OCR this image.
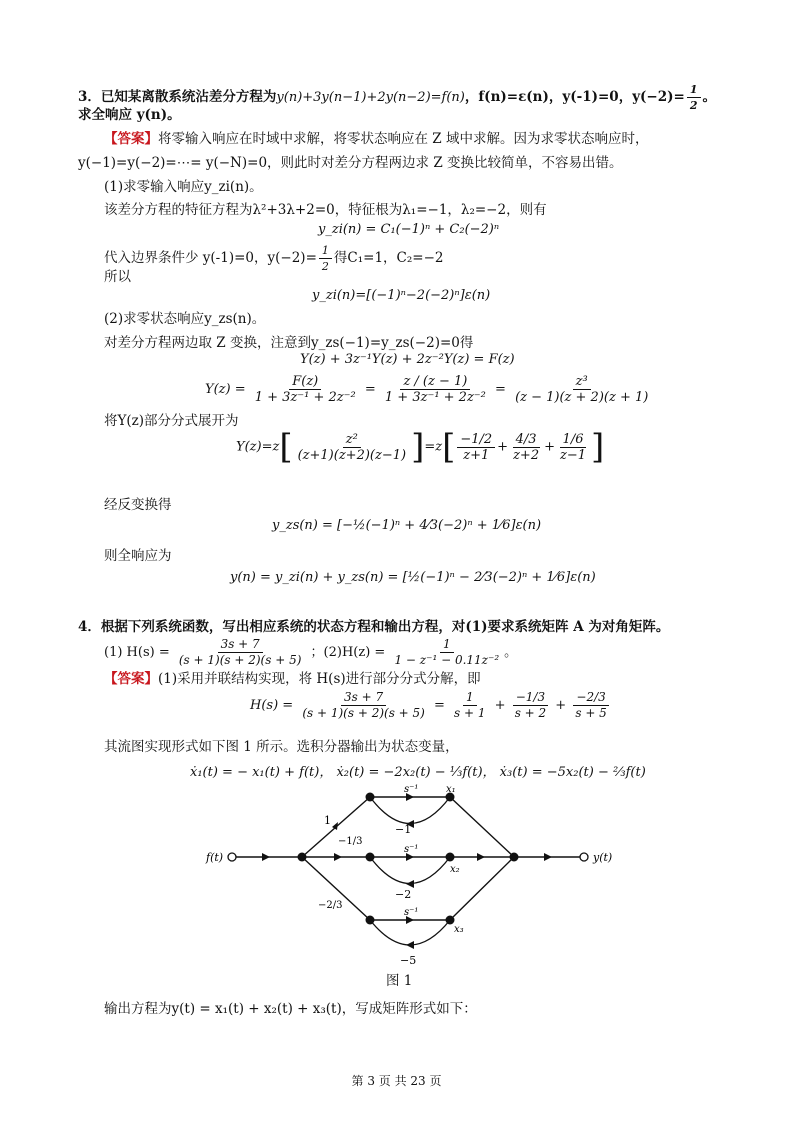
3．已知某离散系统沾差分方程为y(n)+3y(n−1)+2y(n−2)=f(n)，f(n)=ε(n)，y(-1)=0，$y(-2)= \frac{1}{2}$ 。
求全响应 y(n)。
【答案】将零输入响应在时域中求解，将零状态响应在 Z 域中求解。因为求零状态响应时，
y(−1)=y(−2)=⋯= y(−N)=0，则此时对差分方程两边求 Z 变换比较简单，不容易出错。
(1)求零输入响应y_zi(n)。
该差分方程的特征方程为λ²+3λ+2=0，特征根为λ₁=−1，λ₂=−2，则有
y_zi(n) = C₁(−1)ⁿ + C₂(−2)ⁿ
代入边界条件少 y(-1)=0，$y(-2)= \frac{1}{2}$ 得C₁=1，C₂=−2
所以
y_zi(n)=[(−1)ⁿ−2(−2)ⁿ]ε(n)
(2)求零状态响应y_zs(n)。
对差分方程两边取 Z 变换，注意到y_zs(−1)=y_zs(−2)=0得
Y(z) + 3z⁻¹Y(z) + 2z⁻²Y(z) = F(z)
$Y(z) = \frac{F(z)}{\text{1 + 3z⁻¹ + 2z⁻²}} = \frac{z / (z - 1)}{\text{1 + 3z⁻¹ + 2z⁻²}} = \frac{\text{z³}}{(z - 1)(z + 2)(z + 1)}$
将Y(z)部分分式展开为
$Y(z)=z[ \frac{\text{z²}}{(z+1)(z+2)(z-1)} ]=z[ \frac{-1/2}{z+1} + \frac{4/3}{z+2} + \frac{1/6}{z-1}$ ]
经反变换得
y_zs(n) = [−½(−1)ⁿ + 4⁄3(−2)ⁿ + 1⁄6]ε(n)
则全响应为
y(n) = y_zi(n) + y_zs(n) = [½(−1)ⁿ − 2⁄3(−2)ⁿ + 1⁄6]ε(n)
4．根据下列系统函数，写出相应系统的状态方程和输出方程，对(1)要求系统矩阵 A 为对角矩阵。
(1) $H(s) = \frac{3s + 7}{(s + 1)(s + 2)(s + 5)}$ ；$(2)H(z) = \frac{1}{\text{1 − z⁻¹ − 0.11z⁻²}}$ 。
【答案】(1)采用并联结构实现，将 H(s)进行部分分式分解，即
$H(s) = \frac{3s + 7}{(s + 1)(s + 2)(s + 5)} = \frac{1}{s + 1} + \frac{-1/3}{s + 2} + \frac{-2/3}{s + 5}$
其流图实现形式如下图 1 所示。选积分器输出为状态变量，
ẋ₁(t) = − x₁(t) + f(t)， ẋ₂(t) = −2x₂(t) − ⅓f(t)， ẋ₃(t) = −5x₂(t) − ⅔f(t)
f(t)	y(t)
1
−1/3
−2/3
s⁻¹
s⁻¹
s⁻¹
x₁
x₂
x₃
−1
−2
−5
图 1
输出方程为y(t) = x₁(t) + x₂(t) + x₃(t)，写成矩阵形式如下：
第 3 页 共 23 页
